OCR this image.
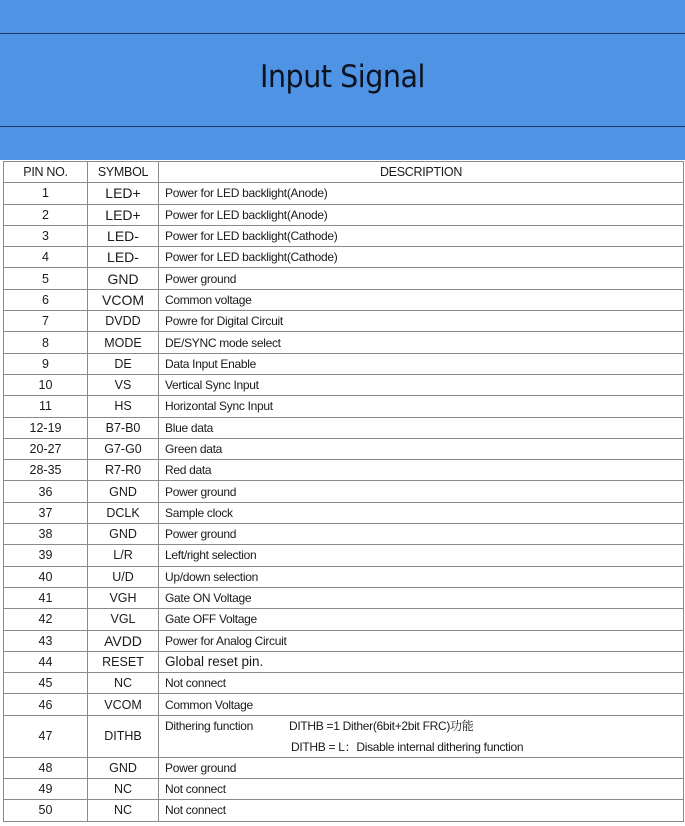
Input Signal
PIN NO.	SYMBOL	DESCRIPTION
1	LED+	Power for LED backlight(Anode)
2	LED+	Power for LED backlight(Anode)
3	LED-	Power for LED backlight(Cathode)
4	LED-	Power for LED backlight(Cathode)
5	GND	Power ground
6	VCOM	Common voltage
7	DVDD	Powre for Digital Circuit
8	MODE	DE/SYNC mode select
9	DE	Data Input Enable
10	VS	Vertical Sync Input
11	HS	Horizontal Sync Input
12-19	B7-B0	Blue data
20-27	G7-G0	Green data
28-35	R7-R0	Red data
36	GND	Power ground
37	DCLK	Sample clock
38	GND	Power ground
39	L/R	Left/right selection
40	U/D	Up/down selection
41	VGH	Gate ON Voltage
42	VGL	Gate OFF Voltage
43	AVDD	Power for Analog Circuit
44	RESET	Global reset pin.
45	NC	Not connect
46	VCOM	Common Voltage
47	DITHB	Dithering function DITHB =1 Dither(6bit+2bit FRC)功能
DITHB = L：Disable internal dithering function

48	GND	Power ground
49	NC	Not connect
50	NC	Not connect
